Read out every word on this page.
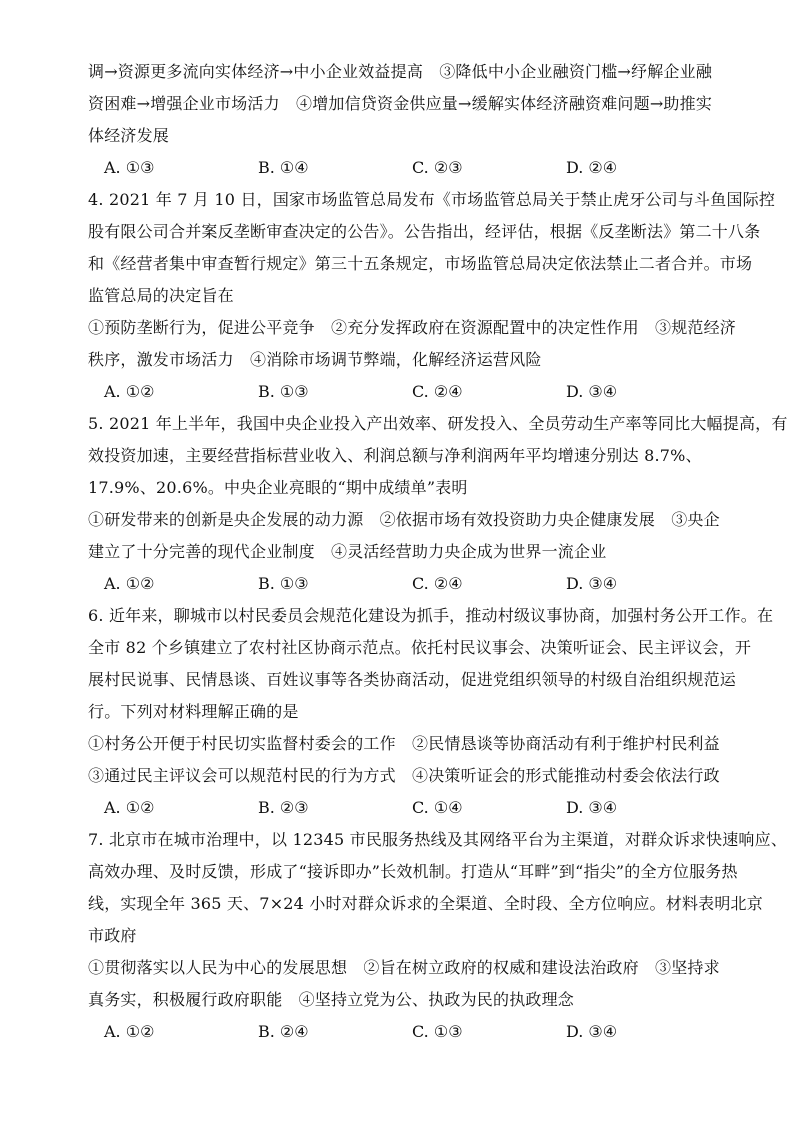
调→资源更多流向实体经济→中小企业效益提高　③降低中小企业融资门槛→纾解企业融
资困难→增强企业市场活力　④增加信贷资金供应量→缓解实体经济融资难问题→助推实
体经济发展
A. ①③	B. ①④	C. ②③	D. ②④
4. 2021 年 7 月 10 日，国家市场监管总局发布《市场监管总局关于禁止虎牙公司与斗鱼国际控
股有限公司合并案反垄断审查决定的公告》。公告指出，经评估，根据《反垄断法》第二十八条
和《经营者集中审查暂行规定》第三十五条规定，市场监管总局决定依法禁止二者合并。市场
监管总局的决定旨在
①预防垄断行为，促进公平竞争　②充分发挥政府在资源配置中的决定性作用　③规范经济
秩序，激发市场活力　④消除市场调节弊端，化解经济运营风险
A. ①②	B. ①③	C. ②④	D. ③④
5. 2021 年上半年，我国中央企业投入产出效率、研发投入、全员劳动生产率等同比大幅提高，有
效投资加速，主要经营指标营业收入、利润总额与净利润两年平均增速分别达 8.7%、
17.9%、20.6%。中央企业亮眼的“期中成绩单”表明
①研发带来的创新是央企发展的动力源　②依据市场有效投资助力央企健康发展　③央企
建立了十分完善的现代企业制度　④灵活经营助力央企成为世界一流企业
A. ①②	B. ①③	C. ②④	D. ③④
6. 近年来，聊城市以村民委员会规范化建设为抓手，推动村级议事协商，加强村务公开工作。在
全市 82 个乡镇建立了农村社区协商示范点。依托村民议事会、决策听证会、民主评议会，开
展村民说事、民情恳谈、百姓议事等各类协商活动，促进党组织领导的村级自治组织规范运
行。下列对材料理解正确的是
①村务公开便于村民切实监督村委会的工作　②民情恳谈等协商活动有利于维护村民利益
③通过民主评议会可以规范村民的行为方式　④决策听证会的形式能推动村委会依法行政
A. ①②	B. ②③	C. ①④	D. ③④
7. 北京市在城市治理中，以 12345 市民服务热线及其网络平台为主渠道，对群众诉求快速响应、
高效办理、及时反馈，形成了“接诉即办”长效机制。打造从“耳畔”到“指尖”的全方位服务热
线，实现全年 365 天、7×24 小时对群众诉求的全渠道、全时段、全方位响应。材料表明北京
市政府
①贯彻落实以人民为中心的发展思想　②旨在树立政府的权威和建设法治政府　③坚持求
真务实，积极履行政府职能　④坚持立党为公、执政为民的执政理念
A. ①②	B. ②④	C. ①③	D. ③④
